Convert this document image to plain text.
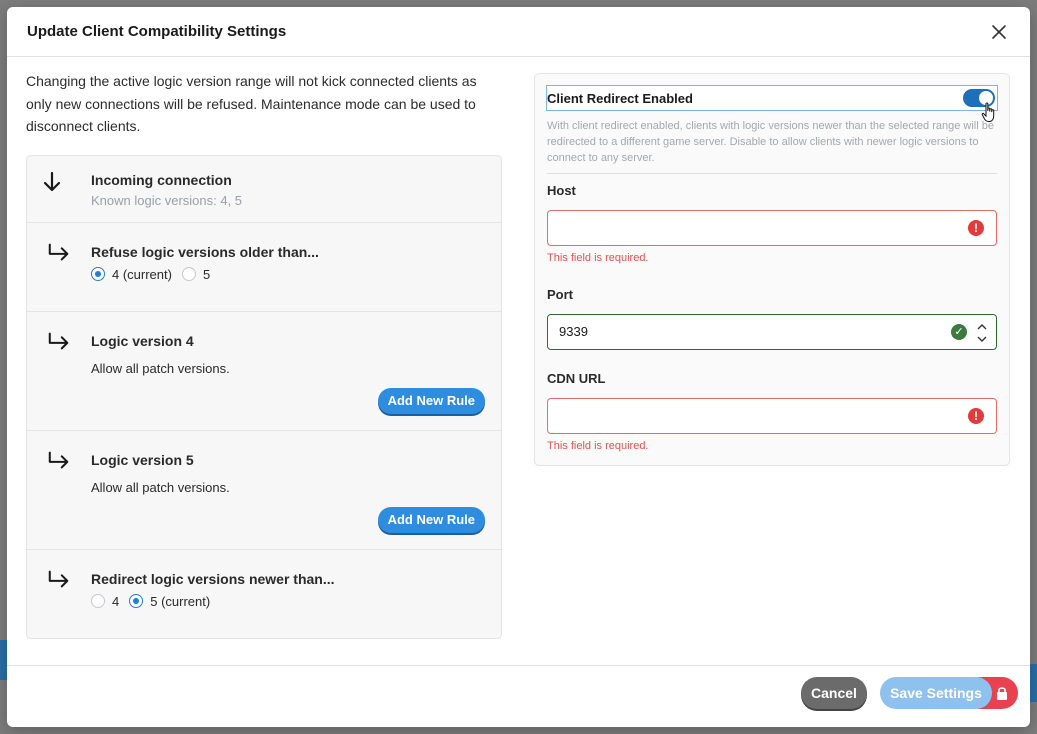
Update Client Compatibility Settings
Changing the active logic version range will not kick connected clients as only new connections will be refused. Maintenance mode can be used to disconnect clients.
Incoming connection
Known logic versions: 4, 5
Refuse logic versions older than...
4 (current) 5
Logic version 4
Allow all patch versions.
Add New Rule
Logic version 5
Allow all patch versions.
Add New Rule
Redirect logic versions newer than...
4 5 (current)
Client Redirect Enabled
With client redirect enabled, clients with logic versions newer than the selected range will be redirected to a different game server. Disable to allow clients with newer logic versions to connect to any server.
Host
!
This field is required.
Port
9339	✓
CDN URL
!
This field is required.
Cancel	Save Settings
